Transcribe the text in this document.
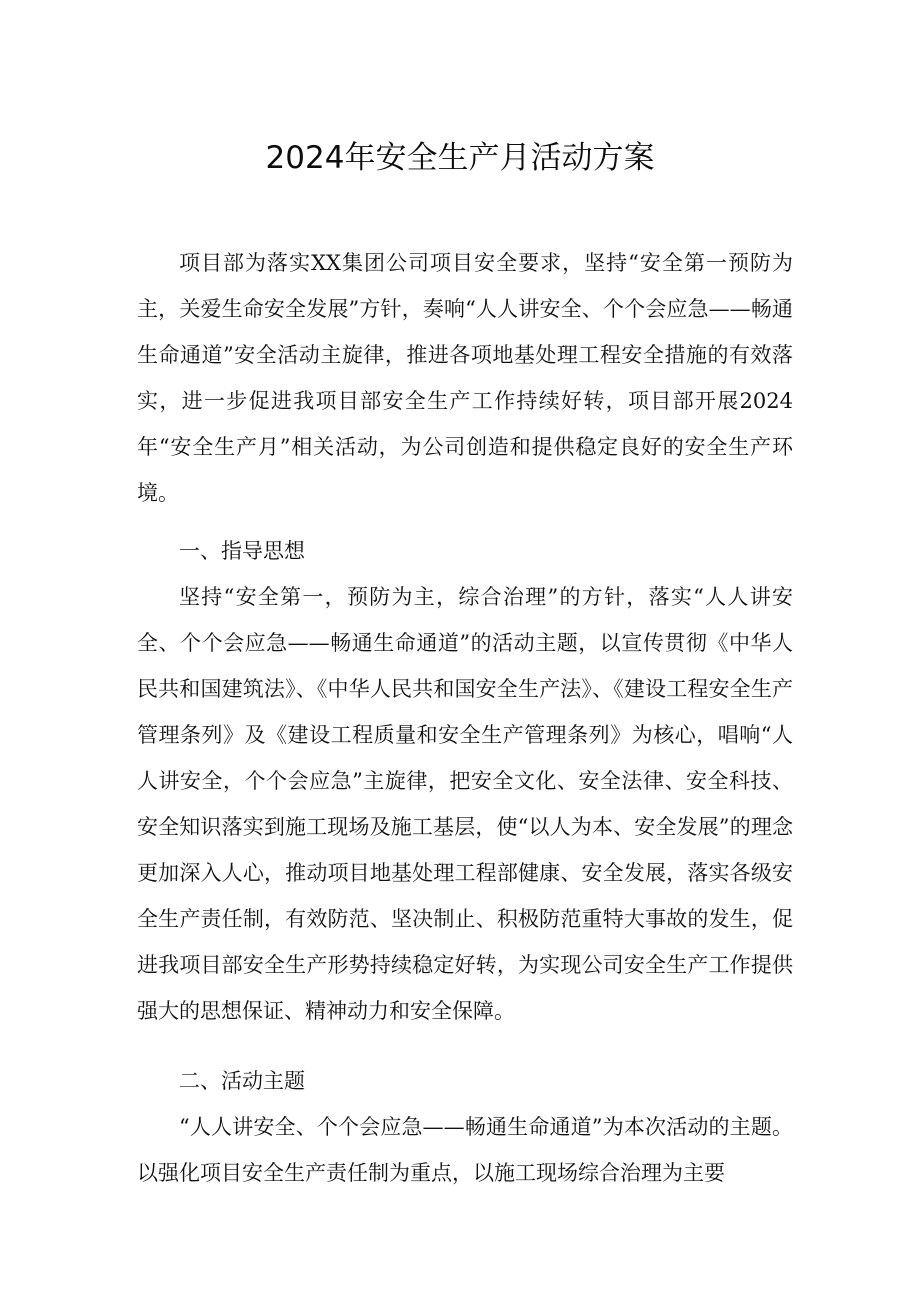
2024年安全生产月活动方案

项目部为落实XX集团公司项目安全要求，坚持“安全第一预防为主，关爱生命安全发展”方针，奏响“人人讲安全、个个会应急——畅通生命通道”安全活动主旋律，推进各项地基处理工程安全措施的有效落实，进一步促进我项目部安全生产工作持续好转，项目部开展2024年“安全生产月”相关活动，为公司创造和提供稳定良好的安全生产环境。

一、指导思想

坚持“安全第一，预防为主，综合治理”的方针，落实“人人讲安全、个个会应急——畅通生命通道”的活动主题，以宣传贯彻《中华人民共和国建筑法》、《中华人民共和国安全生产法》、《建设工程安全生产管理条列》及《建设工程质量和安全生产管理条列》为核心，唱响“人人讲安全，个个会应急”主旋律，把安全文化、安全法律、安全科技、安全知识落实到施工现场及施工基层，使“以人为本、安全发展”的理念更加深入人心，推动项目地基处理工程部健康、安全发展，落实各级安全生产责任制，有效防范、坚决制止、积极防范重特大事故的发生，促进我项目部安全生产形势持续稳定好转，为实现公司安全生产工作提供强大的思想保证、精神动力和安全保障。

二、活动主题

“人人讲安全、个个会应急——畅通生命通道”为本次活动的主题。以强化项目安全生产责任制为重点，以施工现场综合治理为主要
